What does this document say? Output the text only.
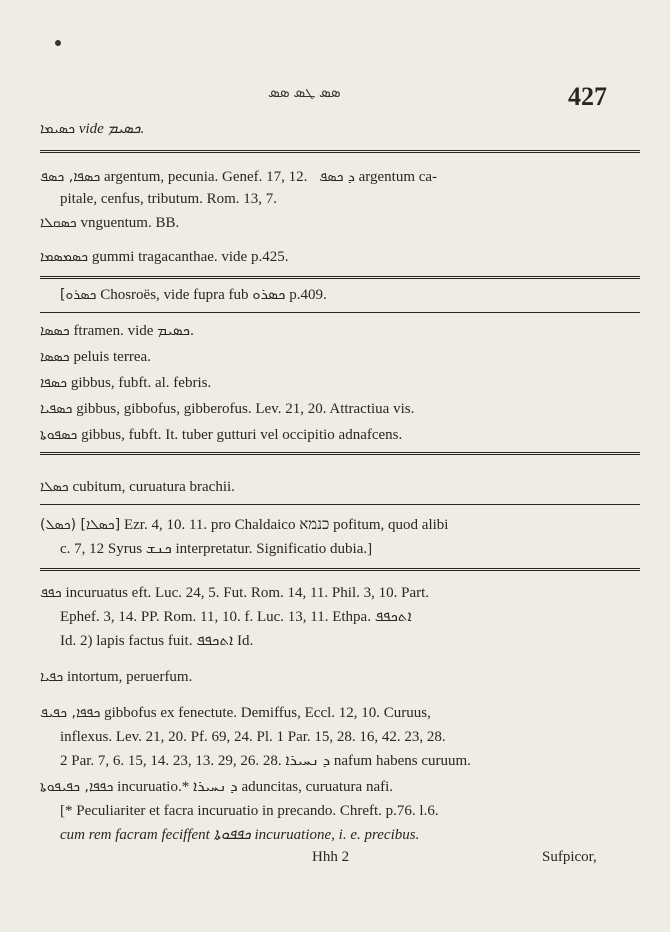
ܣܣ ܛܣ ܣܣ	427
ܟܣܝܡܐ vide ܟܣܝܡ.
ܟܣܦܐ, ܟܣܦ argentum, pecunia. Genef. 17, 12. ܕ ܟܣܦ argentum ca-
pitale, cenfus, tributum. Rom. 13, 7.
ܟܣܩܠܐ vnguentum. BB.
ܟܣܡܣܡܐ gummi tragacanthae. vide p.425.
[ܟܣܪܘ Chosroës, vide fupra fub ܟܣܪܘ p.409.
ܟܣܣܐ ftramen. vide ܟܣܝܡ.
ܟܣܣܐ peluis terrea.
ܟܣܦܐ gibbus, fubft. al. febris.
ܟܣܦܝܐ gibbus, gibbofus, gibberofus. Lev. 21, 20. Attractiua vis.
ܟܣܦܘܬܐ gibbus, fubft. It. tuber gutturi vel occipitio adnafcens.
ܟܣܠܐ cubitum, curuatura brachii.
(ܟܣܠ) [ܟܣܠܐ] Ezr. 4, 10. 11. pro Chaldaico כנמא pofitum, quod alibi
c. 7, 12 Syrus ܟܢܫ interpretatur. Significatio dubia.]
ܟܦܦ incuruatus eft. Luc. 24, 5. Fut. Rom. 14, 11. Phil. 3, 10. Part.
Ephef. 3, 14. PP. Rom. 11, 10. f. Luc. 13, 11. Ethpa. ܐܬܟܦܦ
Id. 2) lapis factus fuit. ܐܬܟܦܦ Id.
ܟܦܝܐ intortum, peruerfum.
ܟܦܦܐ, ܟܦܝܦ gibbofus ex fenectute. Demiffus, Eccl. 12, 10. Curuus,
inflexus. Lev. 21, 20. Pf. 69, 24. Pl. 1 Par. 15, 28. 16, 42. 23, 28.
2 Par. 7, 6. 15, 14. 23, 13. 29, 26. 28. ܕ ܢܚܝܪܐ nafum habens curuum.
ܟܦܦܐ, ܟܦܝܦܘܬܐ incuruatio.* ܕ ܢܚܝܪܐ aduncitas, curuatura nafi.
[* Peculiariter et facra incuruatio in precando. Chreft. p.76. l.6.
cum rem facram feciffent ܟܦܦܘܬܐ incuruatione, i. e. precibus.
Hhh 2	Sufpicor,
